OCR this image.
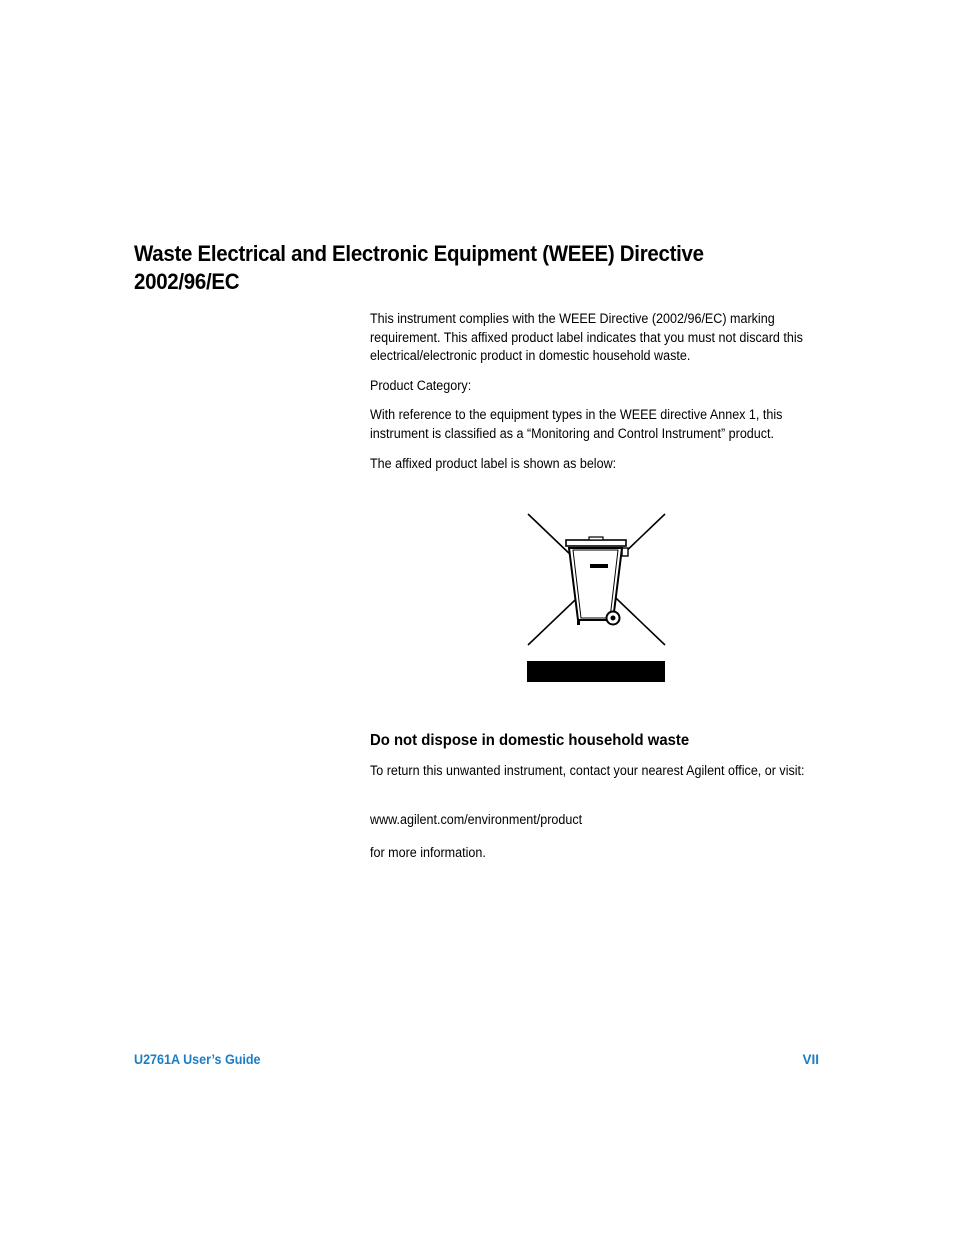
Waste Electrical and Electronic Equipment (WEEE) Directive
2002/96/EC

This instrument complies with the WEEE Directive (2002/96/EC) marking requirement. This affixed product label indicates that you must not discard this electrical/electronic product in domestic household waste.

Product Category:

With reference to the equipment types in the WEEE directive Annex 1, this instrument is classified as a “Monitoring and Control Instrument” product.

The affixed product label is shown as below:

Do not dispose in domestic household waste

To return this unwanted instrument, contact your nearest Agilent office, or visit:

www.agilent.com/environment/product

for more information.

U2761A User’s Guide	VII
